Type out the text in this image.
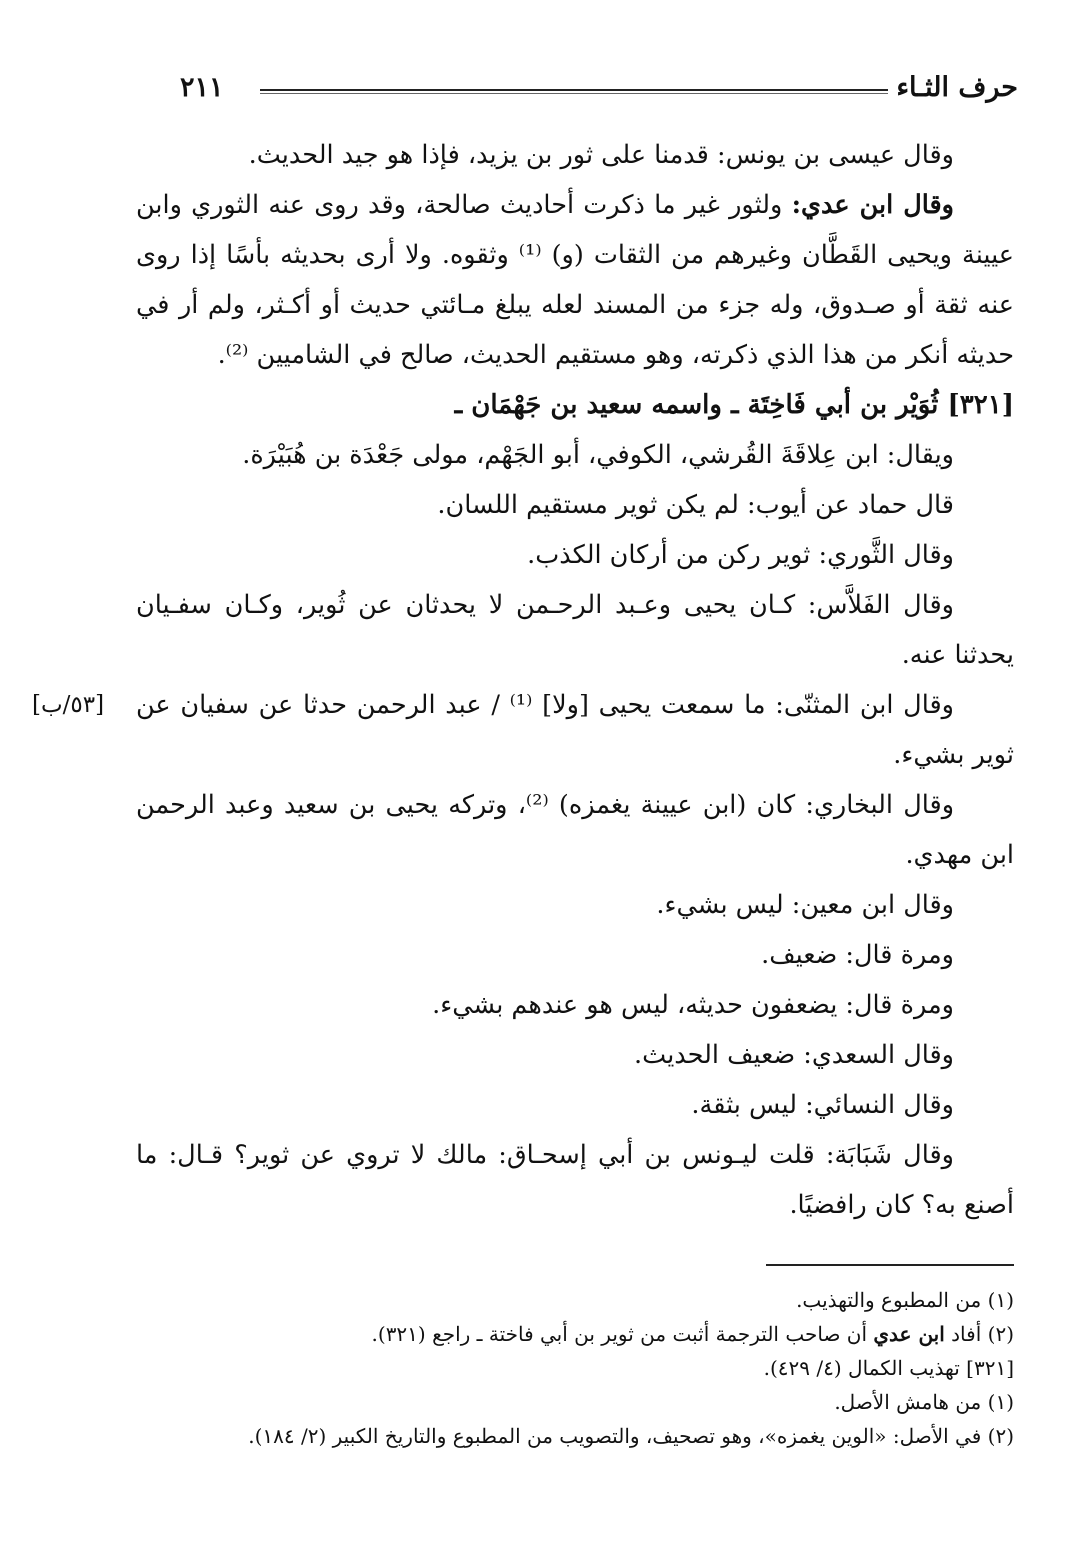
حرف الثـاء
٢١١
وقال عيسى بن يونس: قدمنا على ثور بن يزيد، فإذا هو جيد الحديث.
وقال ابن عدي: ولثور غير ما ذكرت أحاديث صالحة، وقد روى عنه الثوري وابن
عيينة ويحيى القَطَّان وغيرهم من الثقات (و) ⁽¹⁾ وثقوه. ولا أرى بحديثه بأسًا إذا روى
عنه ثقة أو صـدوق، وله جزء من المسند لعله يبلغ مـائتي حديث أو أكـثر، ولم أر في
حديثه أنكر من هذا الذي ذكرته، وهو مستقيم الحديث، صالح في الشاميين ⁽²⁾.
[٣٢١] ثُوَيْر بن أبي فَاخِتَة ـ واسمه سعيد بن جَهْمَان ـ
ويقال: ابن عِلاقَةَ القُرشي، الكوفي، أبو الجَهْم، مولى جَعْدَة بن هُبَيْرَة.
قال حماد عن أيوب: لم يكن ثوير مستقيم اللسان.
وقال الثَّوري: ثوير ركن من أركان الكذب.
وقال الفَلاَّس: كـان يحيى وعـبد الرحـمن لا يحدثان عن ثُوير، وكـان سفـيان
يحدثنا عنه.
وقال ابن المثنّى: ما سمعت يحيى [ولا] ⁽¹⁾ / عبد الرحمن حدثا عن سفيان عن
[٥٣/ب]
ثوير بشيء.
وقال البخاري: كان (ابن عيينة يغمزه) ⁽²⁾، وتركه يحيى بن سعيد وعبد الرحمن
ابن مهدي.
وقال ابن معين: ليس بشيء.
ومرة قال: ضعيف.
ومرة قال: يضعفون حديثه، ليس هو عندهم بشيء.
وقال السعدي: ضعيف الحديث.
وقال النسائي: ليس بثقة.
وقال شَبَابَة: قلت ليـونس بن أبي إسحـاق: مالك لا تروي عن ثوير؟ قـال: ما
أصنع به؟ كان رافضيًا.
(١) من المطبوع والتهذيب.
(٢) أفاد ابن عدي أن صاحب الترجمة أثبت من ثوير بن أبي فاختة ـ راجع (٣٢١).
[٣٢١] تهذيب الكمال (٤/ ٤٢٩).
(١) من هامش الأصل.
(٢) في الأصل: «الوين يغمزه»، وهو تصحيف، والتصويب من المطبوع والتاريخ الكبير (٢/ ١٨٤).
